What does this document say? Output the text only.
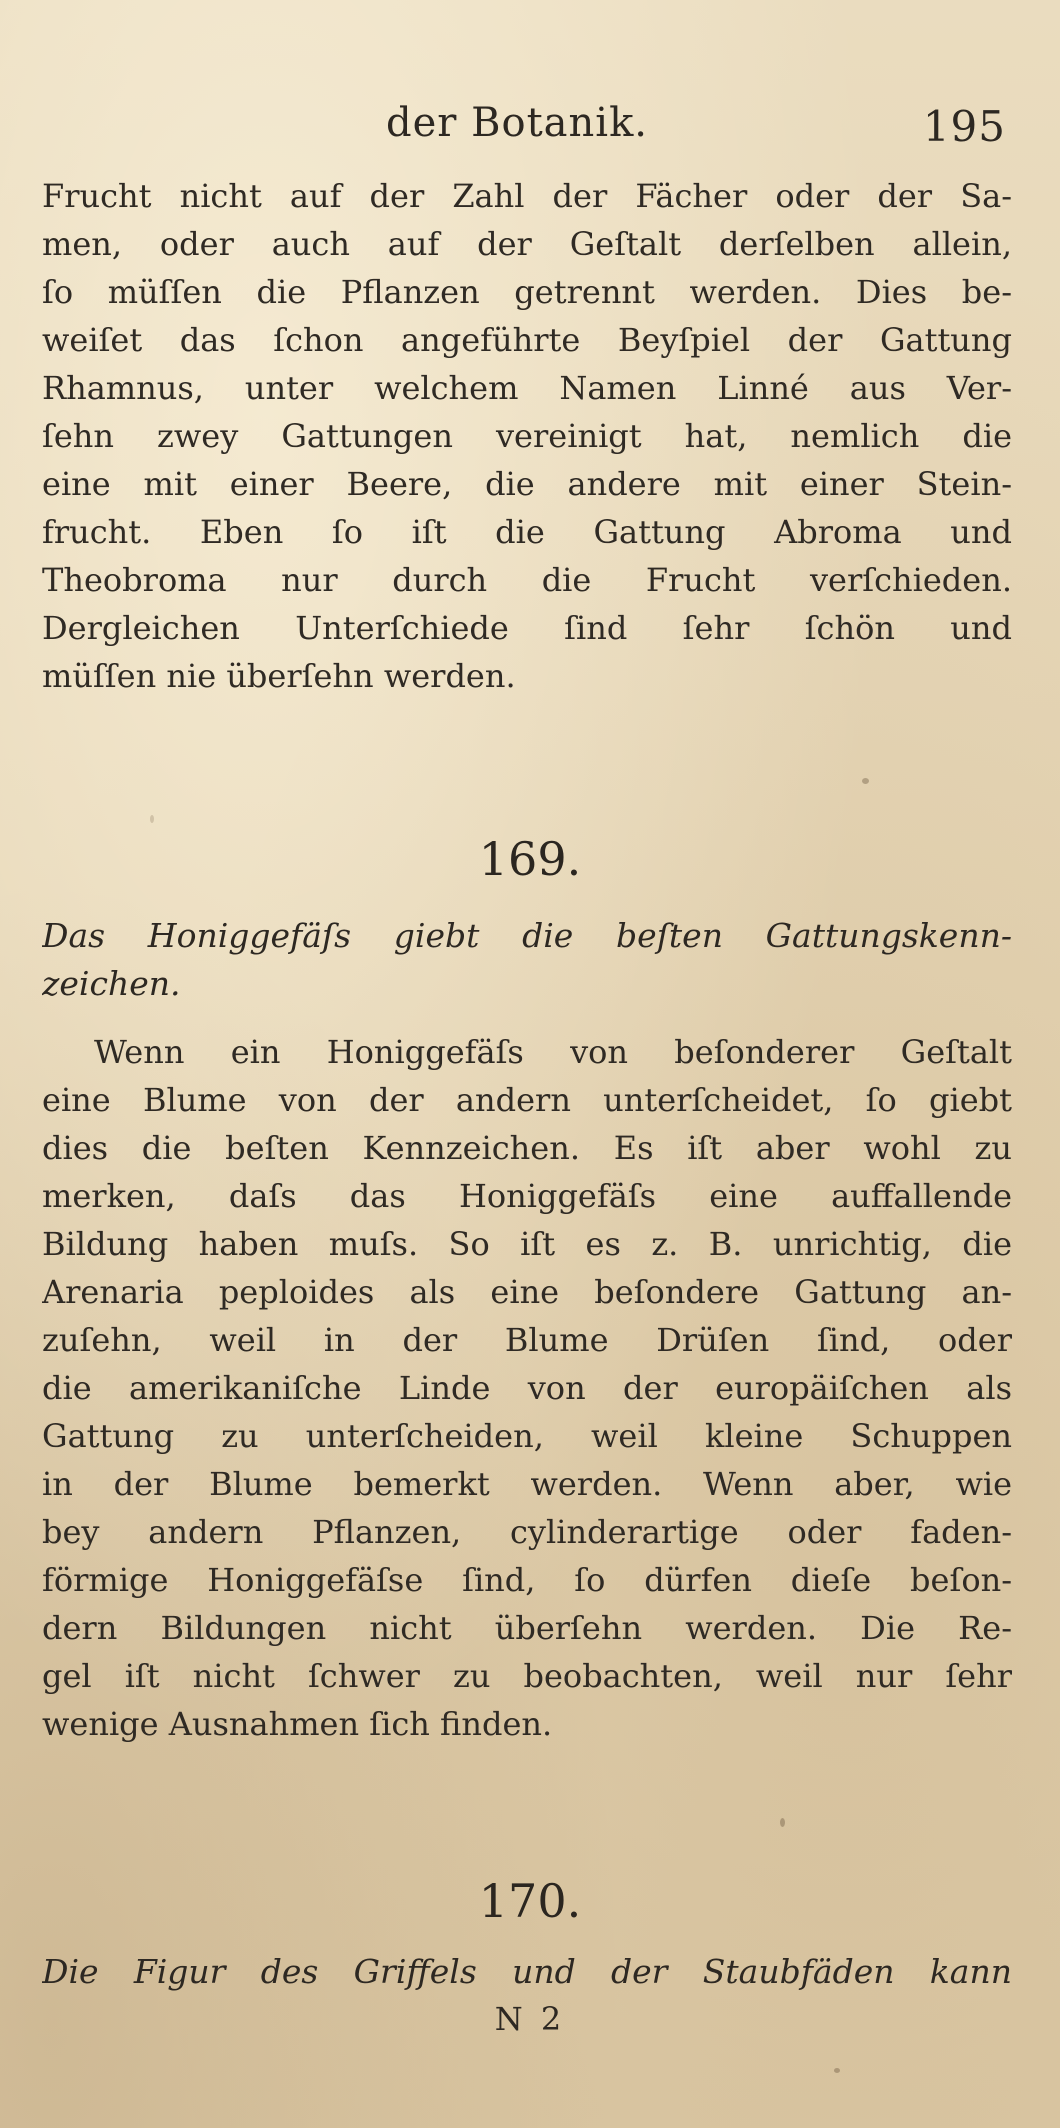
der Botanik.	195
Frucht nicht auf der Zahl der Fächer oder der Sa-
men, oder auch auf der Geſtalt derſelben allein,
ſo müſſen die Pflanzen getrennt werden. Dies be-
weiſet das ſchon angeführte Beyſpiel der Gattung
Rhamnus, unter welchem Namen Linné aus Ver-
ſehn zwey Gattungen vereinigt hat, nemlich die
eine mit einer Beere, die andere mit einer Stein-
frucht. Eben ſo iſt die Gattung Abroma und
Theobroma nur durch die Frucht verſchieden.
Dergleichen Unterſchiede ſind ſehr ſchön und
müſſen nie überſehn werden.
169.
Das Honiggefäſs giebt die beſten Gattungskenn-
zeichen.
Wenn ein Honiggefäſs von beſonderer Geſtalt
eine Blume von der andern unterſcheidet, ſo giebt
dies die beſten Kennzeichen. Es iſt aber wohl zu
merken, daſs das Honiggefäſs eine auffallende
Bildung haben muſs. So iſt es z. B. unrichtig, die
Arenaria peploides als eine beſondere Gattung an-
zuſehn, weil in der Blume Drüſen ſind, oder
die amerikaniſche Linde von der europäiſchen als
Gattung zu unterſcheiden, weil kleine Schuppen
in der Blume bemerkt werden. Wenn aber, wie
bey andern Pflanzen, cylinderartige oder faden-
förmige Honiggefäſse ſind, ſo dürfen dieſe beſon-
dern Bildungen nicht überſehn werden. Die Re-
gel iſt nicht ſchwer zu beobachten, weil nur ſehr
wenige Ausnahmen ſich finden.
170.
Die Figur des Griffels und der Staubfäden kann
N 2
